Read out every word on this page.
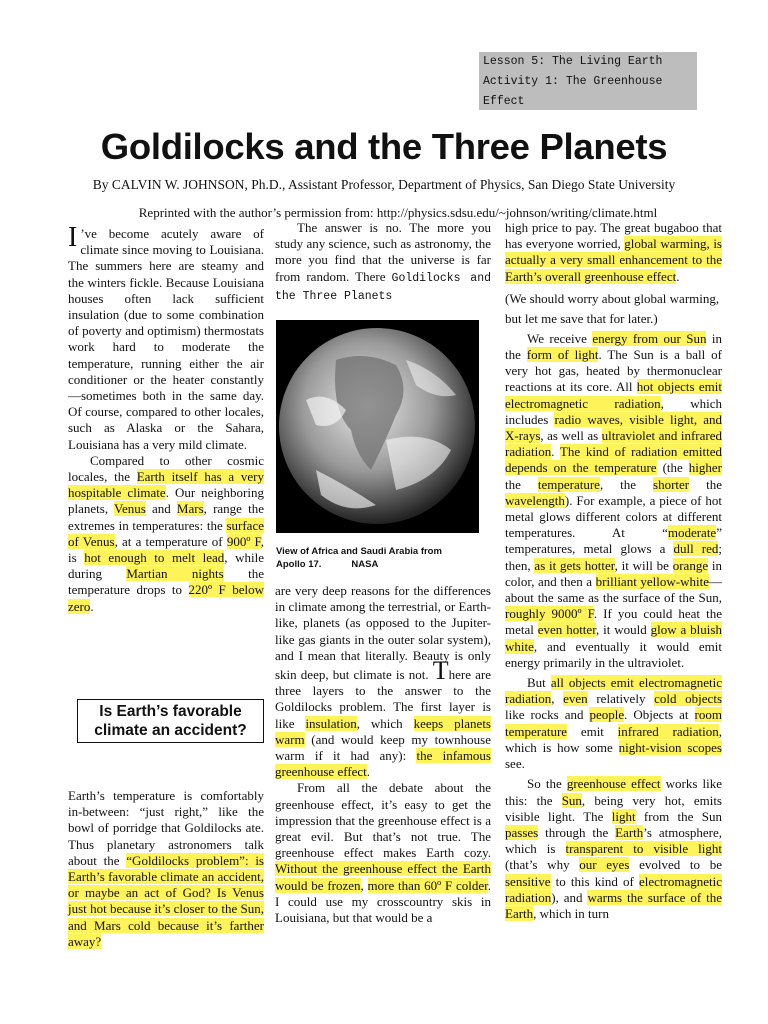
Lesson 5: The Living Earth
Activity 1: The Greenhouse
Effect
Goldilocks and the Three Planets
By CALVIN W. JOHNSON, Ph.D., Assistant Professor, Department of Physics, San Diego State University
Reprinted with the author’s permission from: http://physics.sdsu.edu/~johnson/writing/climate.html

I ’ve become acutely aware of climate since moving to Louisiana. The summers here are steamy and the winters fickle. Because Louisiana houses often lack sufficient insulation (due to some combination of poverty and optimism) thermostats work hard to moderate the temperature, running either the air conditioner or the heater constantly—sometimes both in the same day. Of course, compared to other locales, such as Alaska or the Sahara, Louisiana has a very mild climate.

Compared to other cosmic locales, the Earth itself has a very hospitable climate. Our neighboring planets, Venus and Mars, range the extremes in temperatures: the surface of Venus, at a temperature of 900º F, is hot enough to melt lead, while during Martian nights the temperature drops to 220º F below zero.

Is Earth’s favorable climate an accident?

Earth’s temperature is comfortably in-between: “just right,” like the bowl of porridge that Goldilocks ate. Thus planetary astronomers talk about the “Goldilocks problem”: is Earth’s favorable climate an accident, or maybe an act of God? Is Venus just hot because it’s closer to the Sun, and Mars cold because it’s farther away?

The answer is no. The more you study any science, such as astronomy, the more you find that the universe is far from random. There Goldilocks and the Three Planets

View of Africa and Saudi Arabia from
Apollo 17.	NASA

are very deep reasons for the differences in climate among the terrestrial, or Earth-like, planets (as opposed to the Jupiter-like gas giants in the outer solar system), and I mean that literally. Beauty is only skin deep, but climate is not. There are three layers to the answer to the Goldilocks problem. The first layer is like insulation, which keeps planets warm (and would keep my townhouse warm if it had any): the infamous greenhouse effect.

From all the debate about the greenhouse effect, it’s easy to get the impression that the greenhouse effect is a great evil. But that’s not true. The greenhouse effect makes Earth cozy. Without the greenhouse effect the Earth would be frozen, more than 60º F colder. I could use my crosscountry skis in Louisiana, but that would be a

high price to pay. The great bugaboo that has everyone worried, global warming, is actually a very small enhancement to the Earth’s overall greenhouse effect.

(We should worry about global warming, but let me save that for later.)

We receive energy from our Sun in the form of light. The Sun is a ball of very hot gas, heated by thermonuclear reactions at its core. All hot objects emit electromagnetic radiation, which includes radio waves, visible light, and X-rays, as well as ultraviolet and infrared radiation. The kind of radiation emitted depends on the temperature (the higher the temperature, the shorter the wavelength). For example, a piece of hot metal glows different colors at different temperatures. At “moderate” temperatures, metal glows a dull red; then, as it gets hotter, it will be orange in color, and then a brilliant yellow-white—about the same as the surface of the Sun, roughly 9000º F. If you could heat the metal even hotter, it would glow a bluish white, and eventually it would emit energy primarily in the ultraviolet.

But all objects emit electromagnetic radiation, even relatively cold objects like rocks and people. Objects at room temperature emit infrared radiation, which is how some night-vision scopes see.

So the greenhouse effect works like this: the Sun, being very hot, emits visible light. The light from the Sun passes through the Earth’s atmosphere, which is transparent to visible light (that’s why our eyes evolved to be sensitive to this kind of electromagnetic radiation), and warms the surface of the Earth, which in turn
